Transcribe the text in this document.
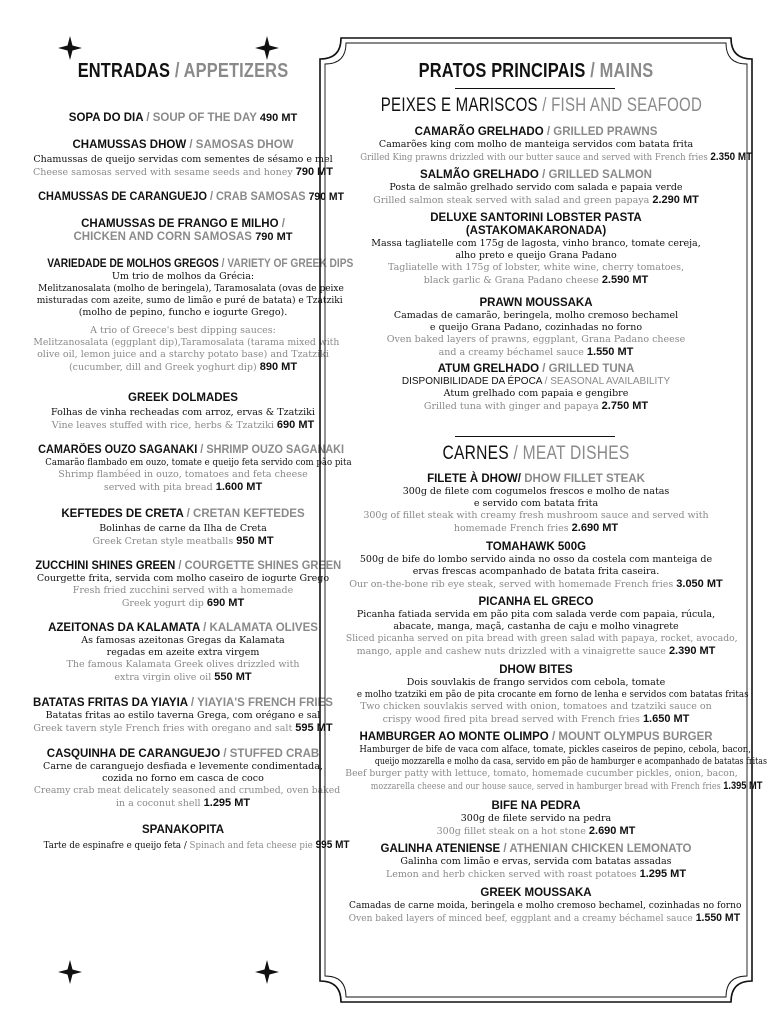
ENTRADAS / APPETIZERS
SOPA DO DIA / SOUP OF THE DAY 490 MT
CHAMUSSAS DHOW / SAMOSAS DHOW
Chamussas de queijo servidas com sementes de sésamo e mel
Cheese samosas served with sesame seeds and honey 790 MT
CHAMUSSAS DE CARANGUEJO / CRAB SAMOSAS 790 MT
CHAMUSSAS DE FRANGO E MILHO /
CHICKEN AND CORN SAMOSAS 790 MT
VARIEDADE DE MOLHOS GREGOS / VARIETY OF GREEK DIPS
Um trio de molhos da Grécia:
Melitzanosalata (molho de beringela), Taramosalata (ovas de peixe
misturadas com azeite, sumo de limão e puré de batata) e Tzatziki
(molho de pepino, funcho e iogurte Grego).
A trio of Greece's best dipping sauces:
Melitzanosalata (eggplant dip),Taramosalata (tarama mixed with
olive oil, lemon juice and a starchy potato base) and Tzatziki
(cucumber, dill and Greek yoghurt dip) 890 MT
GREEK DOLMADES
Folhas de vinha recheadas com arroz, ervas & Tzatziki
Vine leaves stuffed with rice, herbs & Tzatziki 690 MT
CAMARÕES OUZO SAGANAKI / SHRIMP OUZO SAGANAKI
Camarão flambado em ouzo, tomate e queijo feta servido com pão pita
Shrimp flambéed in ouzo, tomatoes and feta cheese
served with pita bread 1.600 MT
KEFTEDES DE CRETA / CRETAN KEFTEDES
Bolinhas de carne da Ilha de Creta
Greek Cretan style meatballs 950 MT
ZUCCHINI SHINES GREEN / COURGETTE SHINES GREEN
Courgette frita, servida com molho caseiro de iogurte Grego
Fresh fried zucchini served with a homemade
Greek yogurt dip 690 MT
AZEITONAS DA KALAMATA / KALAMATA OLIVES
As famosas azeitonas Gregas da Kalamata
regadas em azeite extra virgem
The famous Kalamata Greek olives drizzled with
extra virgin olive oil 550 MT
BATATAS FRITAS DA YIAYIA / YIAYIA'S FRENCH FRIES
Batatas fritas ao estilo taverna Grega, com orégano e sal
Greek tavern style French fries with oregano and salt 595 MT
CASQUINHA DE CARANGUEJO / STUFFED CRAB
Carne de caranguejo desfiada e levemente condimentada,
cozida no forno em casca de coco
Creamy crab meat delicately seasoned and crumbed, oven baked
in a coconut shell 1.295 MT
SPANAKOPITA
Tarte de espinafre e queijo feta / Spinach and feta cheese pie 995 MT
PRATOS PRINCIPAIS / MAINS
PEIXES E MARISCOS / FISH AND SEAFOOD
CAMARÃO GRELHADO / GRILLED PRAWNS
Camarões king com molho de manteiga servidos com batata frita
Grilled King prawns drizzled with our butter sauce and served with French fries 2.350 MT
SALMÃO GRELHADO / GRILLED SALMON
Posta de salmão grelhado servido com salada e papaia verde
Grilled salmon steak served with salad and green papaya 2.290 MT
DELUXE SANTORINI LOBSTER PASTA
(ASTAKOMAKARONADA)
Massa tagliatelle com 175g de lagosta, vinho branco, tomate cereja,
alho preto e queijo Grana Padano
Tagliatelle with 175g of lobster, white wine, cherry tomatoes,
black garlic & Grana Padano cheese 2.590 MT
PRAWN MOUSSAKA
Camadas de camarão, beringela, molho cremoso bechamel
e queijo Grana Padano, cozinhadas no forno
Oven baked layers of prawns, eggplant, Grana Padano cheese
and a creamy béchamel sauce 1.550 MT
ATUM GRELHADO / GRILLED TUNA
DISPONIBILIDADE DA ÉPOCA / SEASONAL AVAILABILITY
Atum grelhado com papaia e gengibre
Grilled tuna with ginger and papaya 2.750 MT
CARNES / MEAT DISHES
FILETE À DHOW/ DHOW FILLET STEAK
300g de filete com cogumelos frescos e molho de natas
e servido com batata frita
300g of fillet steak with creamy fresh mushroom sauce and served with
homemade French fries 2.690 MT
TOMAHAWK 500G
500g de bife do lombo servido ainda no osso da costela com manteiga de
ervas frescas acompanhado de batata frita caseira.
Our on-the-bone rib eye steak, served with homemade French fries 3.050 MT
PICANHA EL GRECO
Picanha fatiada servida em pão pita com salada verde com papaia, rúcula,
abacate, manga, maçã, castanha de caju e molho vinagrete
Sliced picanha served on pita bread with green salad with papaya, rocket, avocado,
mango, apple and cashew nuts drizzled with a vinaigrette sauce 2.390 MT
DHOW BITES
Dois souvlakis de frango servidos com cebola, tomate
e molho tzatziki em pão de pita crocante em forno de lenha e servidos com batatas fritas
Two chicken souvlakis served with onion, tomatoes and tzatziki sauce on
crispy wood fired pita bread served with French fries 1.650 MT
HAMBURGER AO MONTE OLIMPO / MOUNT OLYMPUS BURGER
Hamburger de bife de vaca com alface, tomate, pickles caseiros de pepino, cebola, bacon,
queijo mozzarella e molho da casa, servido em pão de hamburger e acompanhado de batatas fritas
Beef burger patty with lettuce, tomato, homemade cucumber pickles, onion, bacon,
mozzarella cheese and our house sauce, served in hamburger bread with French fries 1.395 MT
BIFE NA PEDRA
300g de filete servido na pedra
300g fillet steak on a hot stone 2.690 MT
GALINHA ATENIENSE / ATHENIAN CHICKEN LEMONATO
Galinha com limão e ervas, servida com batatas assadas
Lemon and herb chicken served with roast potatoes 1.295 MT
GREEK MOUSSAKA
Camadas de carne moida, beringela e molho cremoso bechamel, cozinhadas no forno
Oven baked layers of minced beef, eggplant and a creamy béchamel sauce 1.550 MT
